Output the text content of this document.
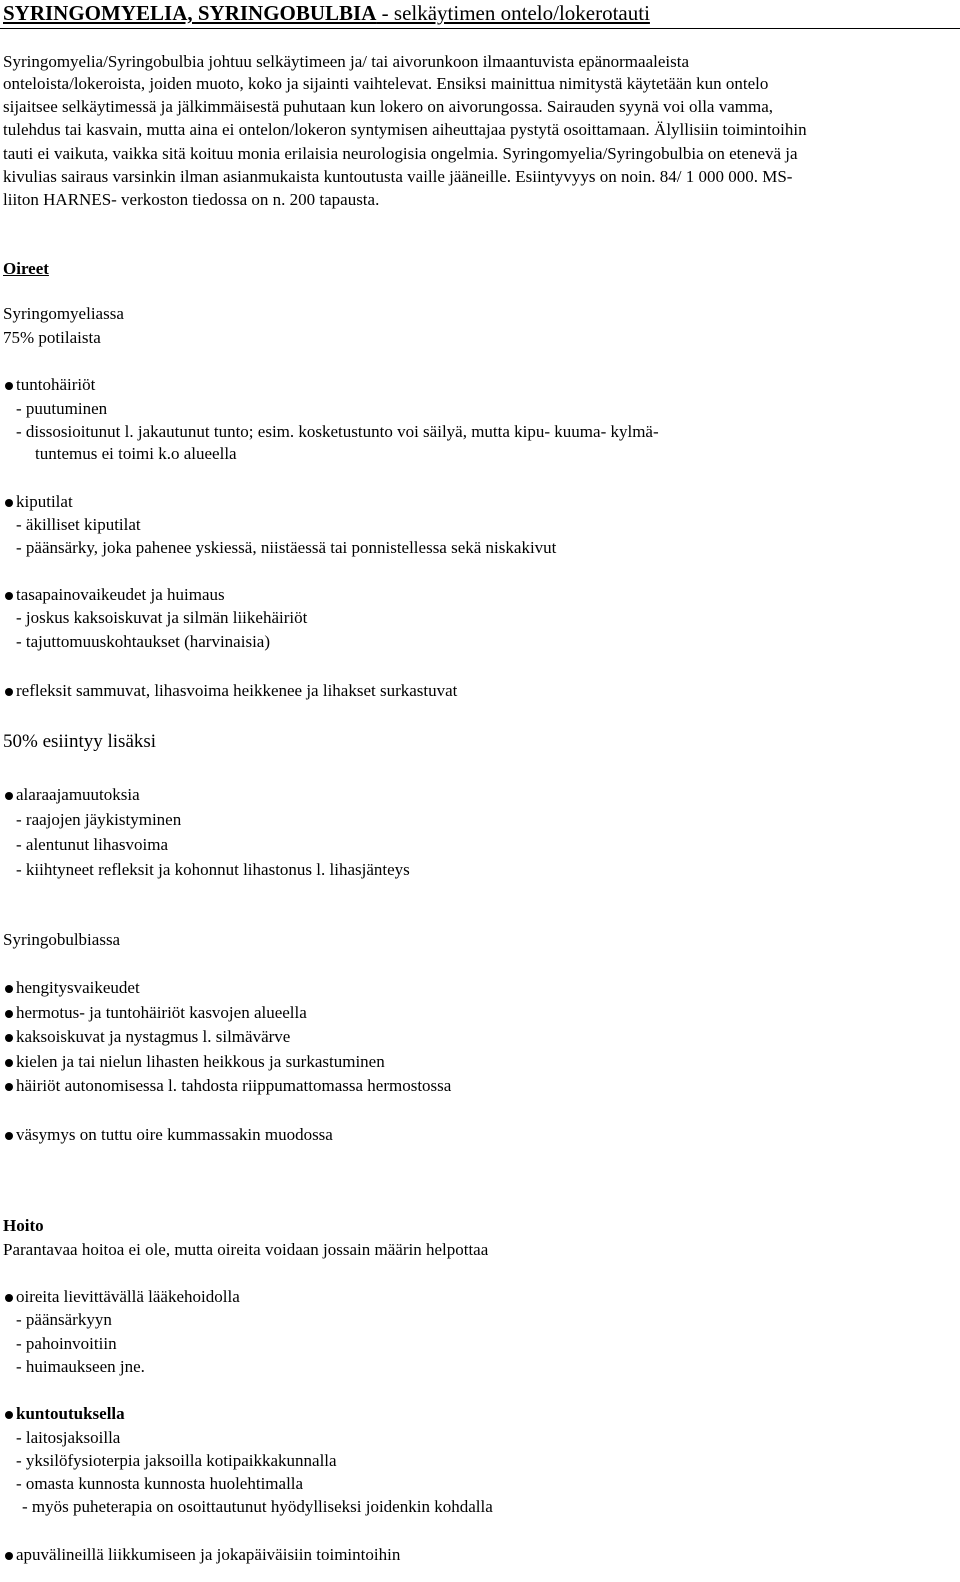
SYRINGOMYELIA, SYRINGOBULBIA - selkäytimen ontelo/lokerotauti
Syringomyelia/Syringobulbia johtuu selkäytimeen ja/ tai aivorunkoon ilmaantuvista epänormaaleista
onteloista/lokeroista, joiden muoto, koko ja sijainti vaihtelevat. Ensiksi mainittua nimitystä käytetään kun ontelo
sijaitsee selkäytimessä ja jälkimmäisestä puhutaan kun lokero on aivorungossa. Sairauden syynä voi olla vamma,
tulehdus tai kasvain, mutta aina ei ontelon/lokeron syntymisen aiheuttajaa pystytä osoittamaan. Älyllisiin toimintoihin
tauti ei vaikuta, vaikka sitä koituu monia erilaisia neurologisia ongelmia. Syringomyelia/Syringobulbia on etenevä ja
kivulias sairaus varsinkin ilman asianmukaista kuntoutusta vaille jääneille. Esiintyvyys on noin. 84/ 1 000 000. MS-
liiton HARNES- verkoston tiedossa on n. 200 tapausta.
Oireet
Syringomyeliassa
75% potilaista
tuntohäiriöt
- puutuminen
- dissosioitunut l. jakautunut tunto; esim. kosketustunto voi säilyä, mutta kipu- kuuma- kylmä-
tuntemus ei toimi k.o alueella
kiputilat
- äkilliset kiputilat
- päänsärky, joka pahenee yskiessä, niistäessä tai ponnistellessa sekä niskakivut
tasapainovaikeudet ja huimaus
- joskus kaksoiskuvat ja silmän liikehäiriöt
- tajuttomuuskohtaukset (harvinaisia)
refleksit sammuvat, lihasvoima heikkenee ja lihakset surkastuvat
50% esiintyy lisäksi
alaraajamuutoksia
- raajojen jäykistyminen
- alentunut lihasvoima
- kiihtyneet refleksit ja kohonnut lihastonus l. lihasjänteys
Syringobulbiassa
hengitysvaikeudet
hermotus- ja tuntohäiriöt kasvojen alueella
kaksoiskuvat ja nystagmus l. silmävärve
kielen ja tai nielun lihasten heikkous ja surkastuminen
häiriöt autonomisessa l. tahdosta riippumattomassa hermostossa
väsymys on tuttu oire kummassakin muodossa
Hoito
Parantavaa hoitoa ei ole, mutta oireita voidaan jossain määrin helpottaa
oireita lievittävällä lääkehoidolla
- päänsärkyyn
- pahoinvoitiin
- huimaukseen jne.
kuntoutuksella
- laitosjaksoilla
- yksilöfysioterpia jaksoilla kotipaikkakunnalla
- omasta kunnosta kunnosta huolehtimalla
- myös puheterapia on osoittautunut hyödylliseksi joidenkin kohdalla
apuvälineillä liikkumiseen ja jokapäiväisiin toimintoihin
